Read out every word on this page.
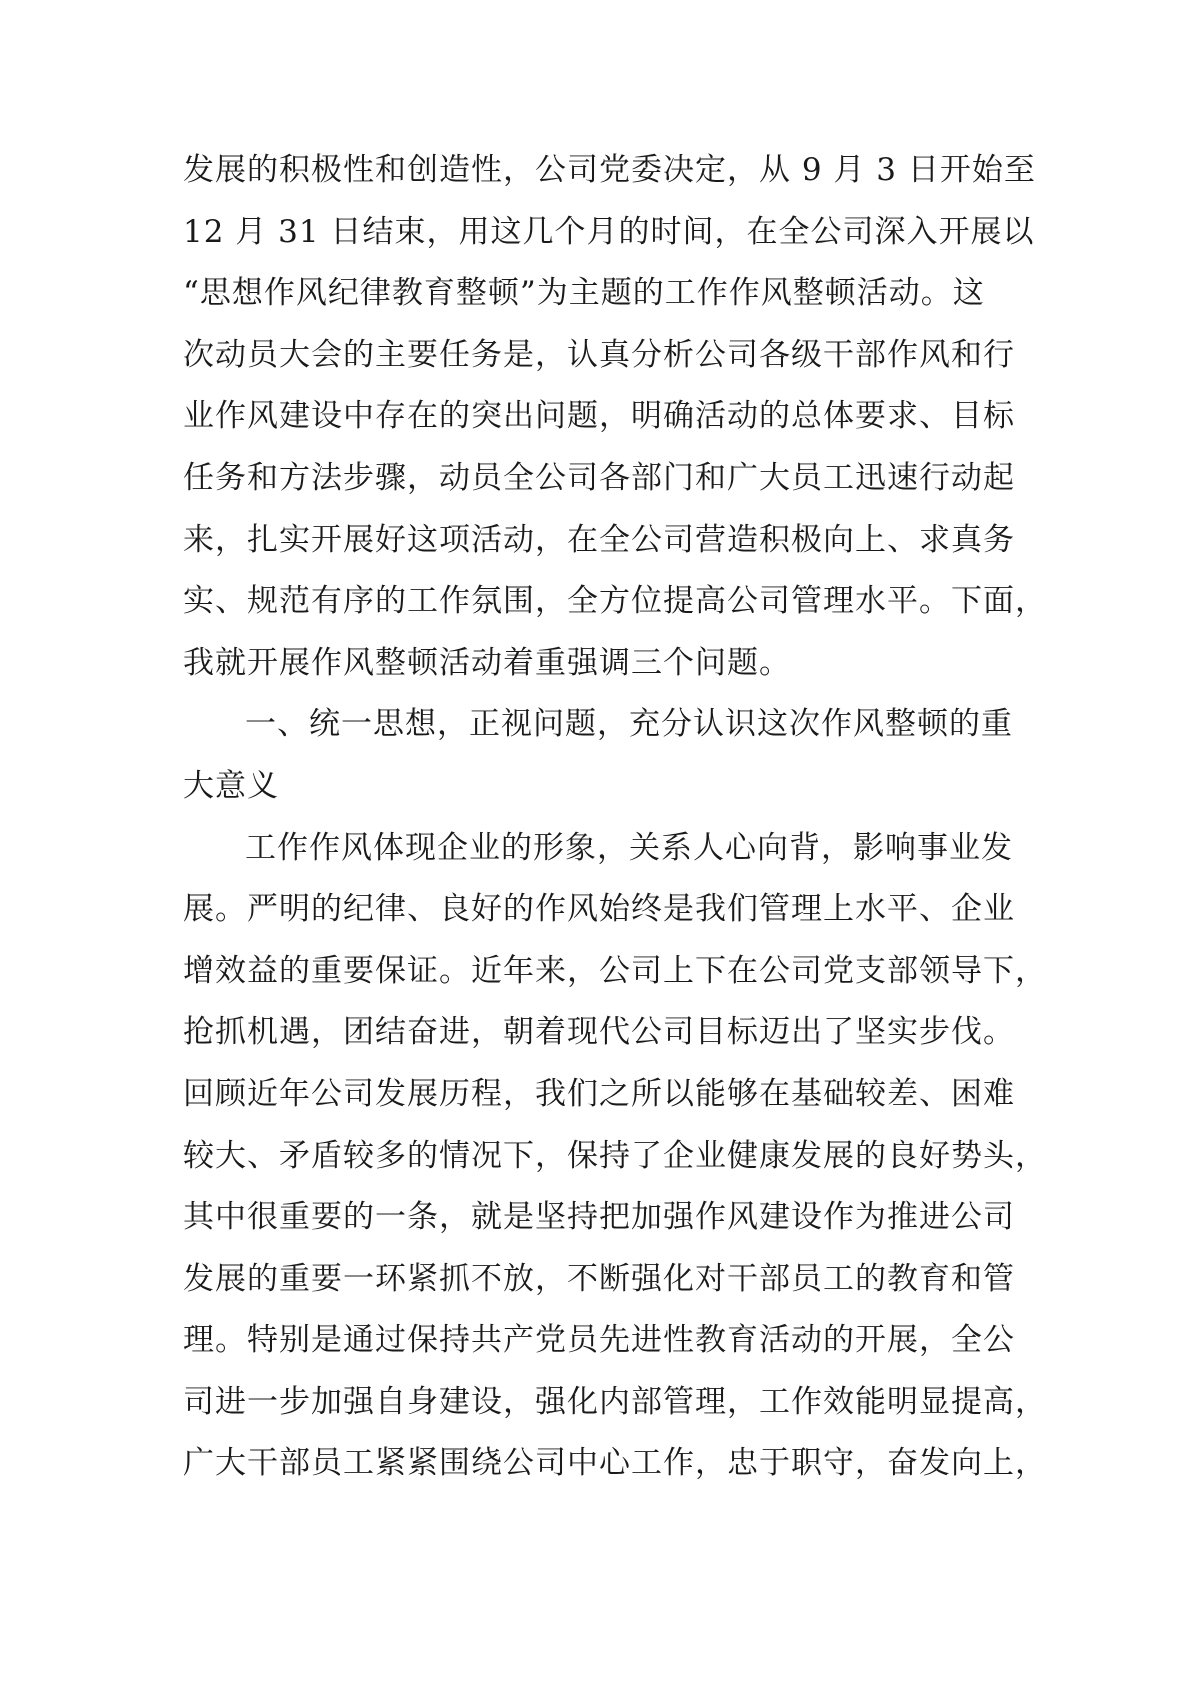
发展的积极性和创造性，公司党委决定，从 9 月 3 日开始至
12 月 31 日结束，用这几个月的时间，在全公司深入开展以
“思想作风纪律教育整顿”为主题的工作作风整顿活动。这
次动员大会的主要任务是，认真分析公司各级干部作风和行
业作风建设中存在的突出问题，明确活动的总体要求、目标
任务和方法步骤，动员全公司各部门和广大员工迅速行动起
来，扎实开展好这项活动，在全公司营造积极向上、求真务
实、规范有序的工作氛围，全方位提高公司管理水平。下面，
我就开展作风整顿活动着重强调三个问题。
一、统一思想，正视问题，充分认识这次作风整顿的重
大意义
工作作风体现企业的形象，关系人心向背，影响事业发
展。严明的纪律、良好的作风始终是我们管理上水平、企业
增效益的重要保证。近年来，公司上下在公司党支部领导下，
抢抓机遇，团结奋进，朝着现代公司目标迈出了坚实步伐。
回顾近年公司发展历程，我们之所以能够在基础较差、困难
较大、矛盾较多的情况下，保持了企业健康发展的良好势头，
其中很重要的一条，就是坚持把加强作风建设作为推进公司
发展的重要一环紧抓不放，不断强化对干部员工的教育和管
理。特别是通过保持共产党员先进性教育活动的开展，全公
司进一步加强自身建设，强化内部管理，工作效能明显提高，
广大干部员工紧紧围绕公司中心工作，忠于职守，奋发向上，
